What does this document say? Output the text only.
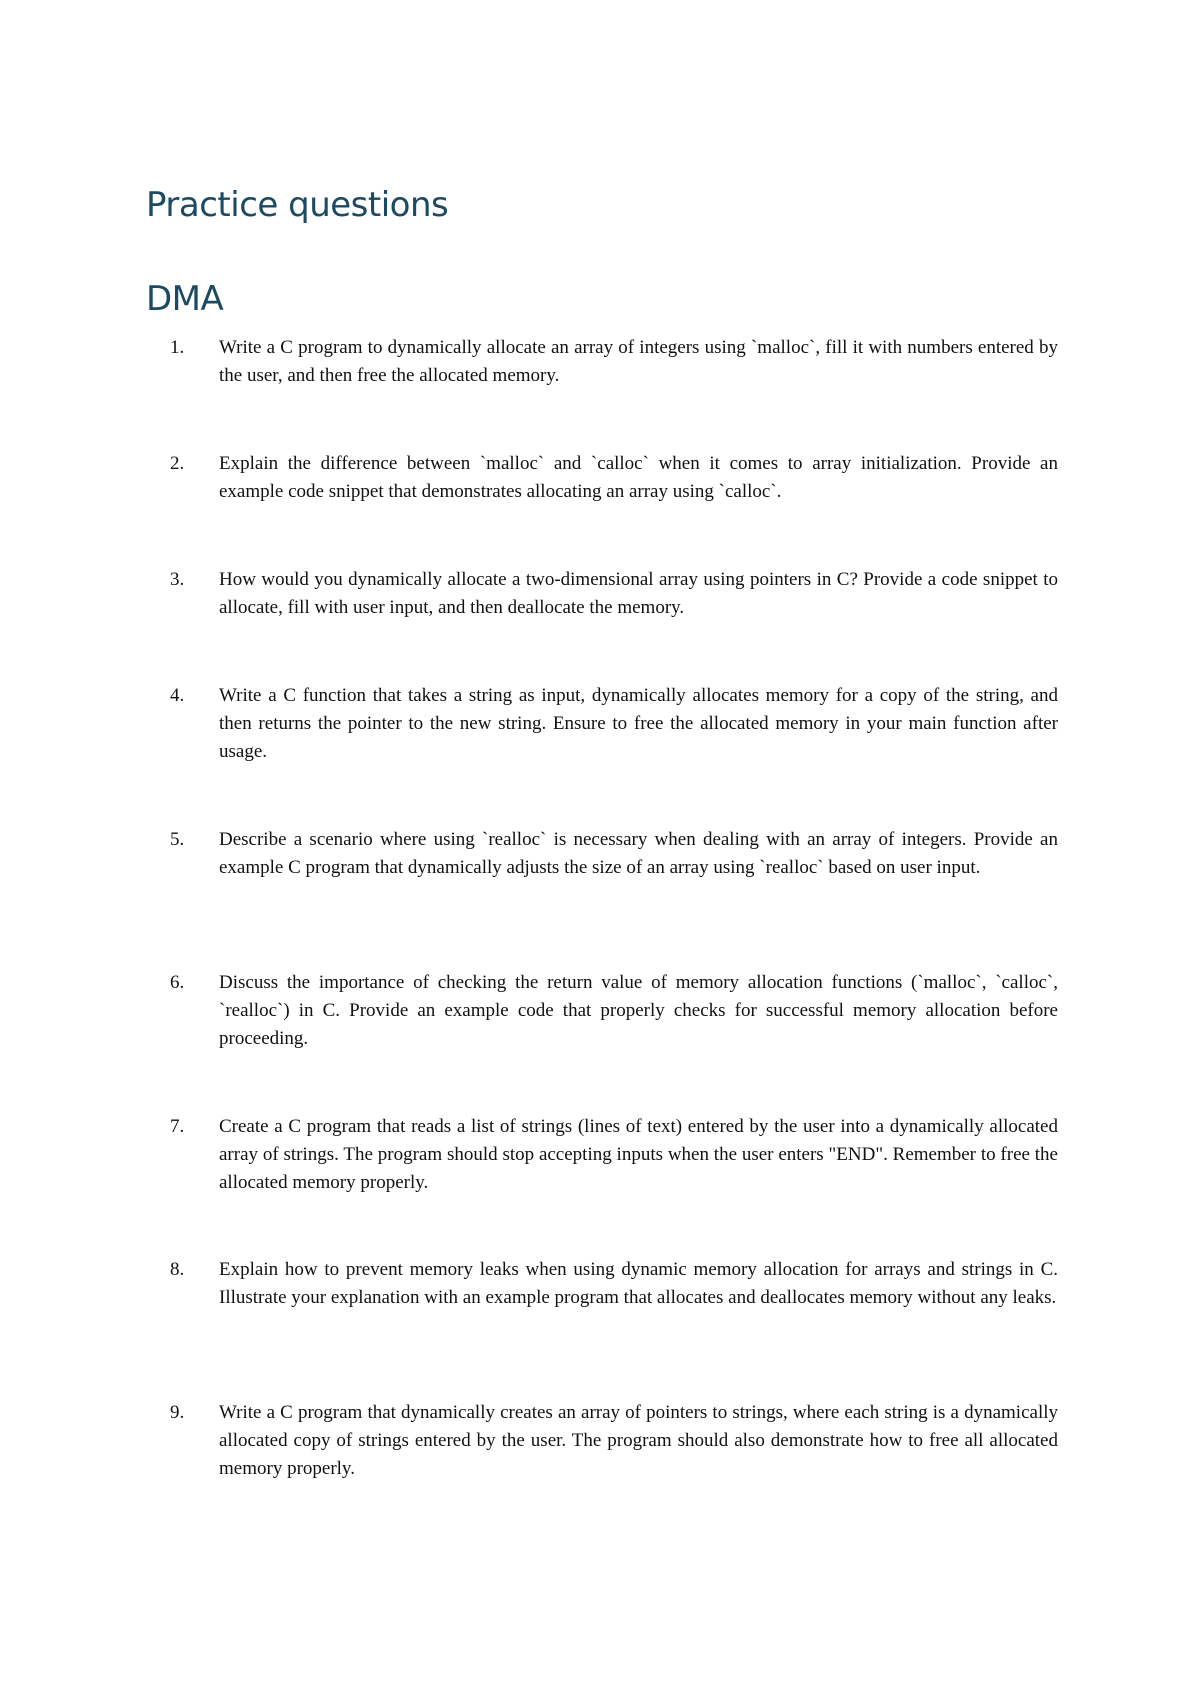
Practice questions
DMA
1.	Write a C program to dynamically allocate an array of integers using `malloc`, fill it with numbers entered by the user, and then free the allocated memory.

2.	Explain the difference between `malloc` and `calloc` when it comes to array initialization. Provide an example code snippet that demonstrates allocating an array using `calloc`.

3.	How would you dynamically allocate a two-dimensional array using pointers in C? Provide a code snippet to allocate, fill with user input, and then deallocate the memory.

4.	Write a C function that takes a string as input, dynamically allocates memory for a copy of the string, and then returns the pointer to the new string. Ensure to free the allocated memory in your main function after usage.

5.	Describe a scenario where using `realloc` is necessary when dealing with an array of integers. Provide an example C program that dynamically adjusts the size of an array using `realloc` based on user input.

6.	Discuss the importance of checking the return value of memory allocation functions (`malloc`, `calloc`, `realloc`) in C. Provide an example code that properly checks for successful memory allocation before proceeding.

7.	Create a C program that reads a list of strings (lines of text) entered by the user into a dynamically allocated array of strings. The program should stop accepting inputs when the user enters "END". Remember to free the allocated memory properly.

8.	Explain how to prevent memory leaks when using dynamic memory allocation for arrays and strings in C. Illustrate your explanation with an example program that allocates and deallocates memory without any leaks.

9.	Write a C program that dynamically creates an array of pointers to strings, where each string is a dynamically allocated copy of strings entered by the user. The program should also demonstrate how to free all allocated memory properly.
